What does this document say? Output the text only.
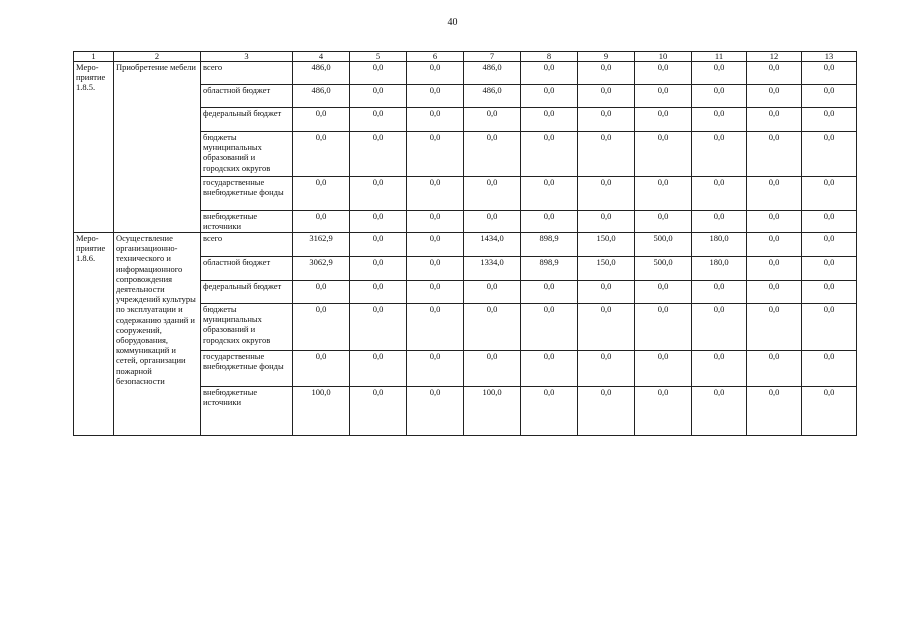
40
1	2	3	4	5	6	7	8	9	10	11	12	13
Меро-приятие 1.8.5.	Приобретение мебели	всего	486,0	0,0	0,0	486,0	0,0	0,0	0,0	0,0	0,0	0,0
		областной бюджет	486,0	0,0	0,0	486,0	0,0	0,0	0,0	0,0	0,0	0,0
		федеральный бюджет	0,0	0,0	0,0	0,0	0,0	0,0	0,0	0,0	0,0	0,0
		бюджеты муниципальных образований и городских округов	0,0	0,0	0,0	0,0	0,0	0,0	0,0	0,0	0,0	0,0
		государственные внебюджетные фонды	0,0	0,0	0,0	0,0	0,0	0,0	0,0	0,0	0,0	0,0
		внебюджетные источники	0,0	0,0	0,0	0,0	0,0	0,0	0,0	0,0	0,0	0,0
Меро-приятие 1.8.6.	Осуществление организационно-технического и информационного сопровождения деятельности учреждений культуры по эксплуатации и содержанию зданий и сооружений, оборудования, коммуникаций и сетей, организации пожарной безопасности	всего	3162,9	0,0	0,0	1434,0	898,9	150,0	500,0	180,0	0,0	0,0
		областной бюджет	3062,9	0,0	0,0	1334,0	898,9	150,0	500,0	180,0	0,0	0,0
		федеральный бюджет	0,0	0,0	0,0	0,0	0,0	0,0	0,0	0,0	0,0	0,0
		бюджеты муниципальных образований и городских округов	0,0	0,0	0,0	0,0	0,0	0,0	0,0	0,0	0,0	0,0
		государственные внебюджетные фонды	0,0	0,0	0,0	0,0	0,0	0,0	0,0	0,0	0,0	0,0
		внебюджетные источники	100,0	0,0	0,0	100,0	0,0	0,0	0,0	0,0	0,0	0,0
